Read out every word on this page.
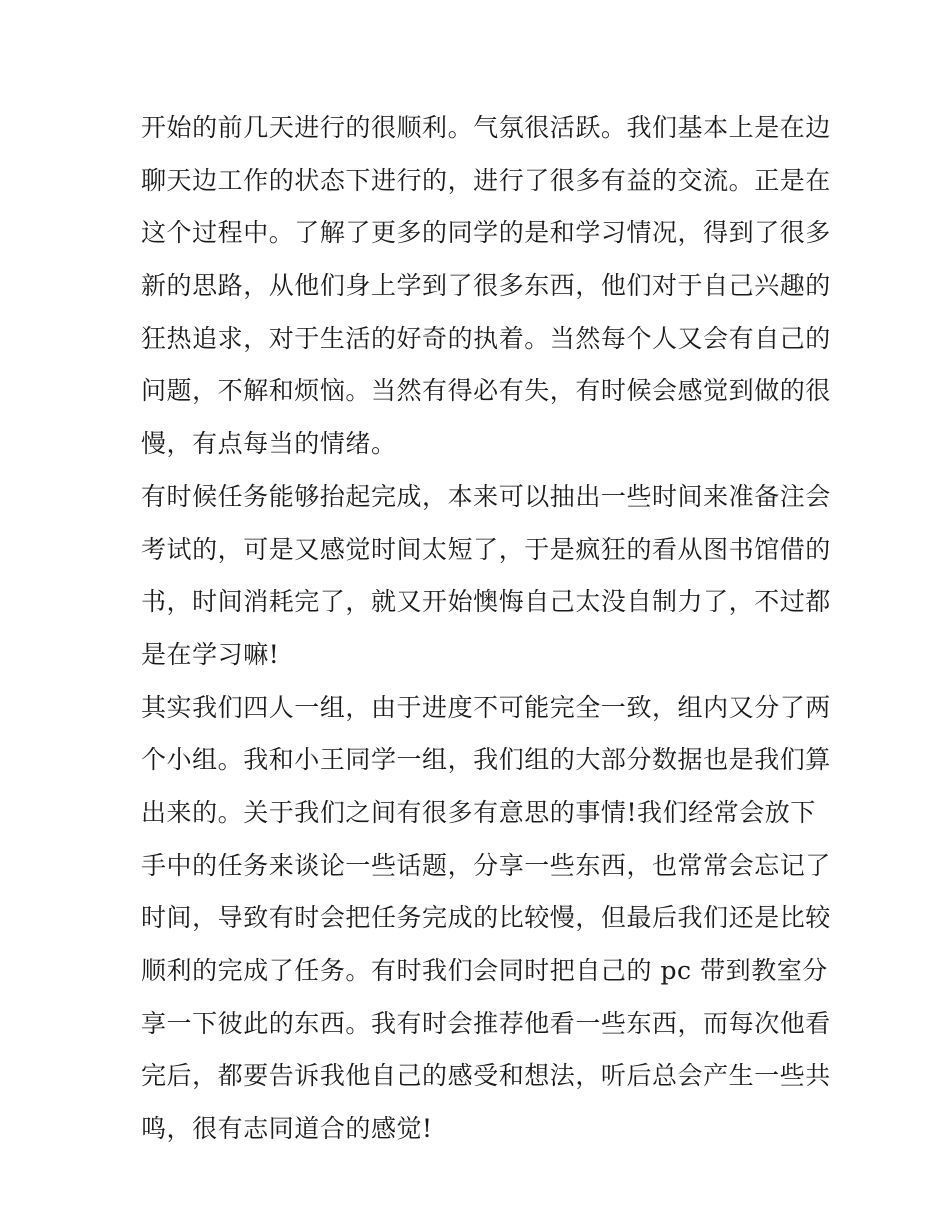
开始的前几天进行的很顺利。气氛很活跃。我们基本上是在边
聊天边工作的状态下进行的，进行了很多有益的交流。正是在
这个过程中。了解了更多的同学的是和学习情况，得到了很多
新的思路，从他们身上学到了很多东西，他们对于自己兴趣的
狂热追求，对于生活的好奇的执着。当然每个人又会有自己的
问题，不解和烦恼。当然有得必有失，有时候会感觉到做的很
慢，有点每当的情绪。
有时候任务能够抬起完成，本来可以抽出一些时间来准备注会
考试的，可是又感觉时间太短了，于是疯狂的看从图书馆借的
书，时间消耗完了，就又开始懊悔自己太没自制力了，不过都
是在学习嘛!
其实我们四人一组，由于进度不可能完全一致，组内又分了两
个小组。我和小王同学一组，我们组的大部分数据也是我们算
出来的。关于我们之间有很多有意思的事情!我们经常会放下
手中的任务来谈论一些话题，分享一些东西，也常常会忘记了
时间，导致有时会把任务完成的比较慢，但最后我们还是比较
顺利的完成了任务。有时我们会同时把自己的 pc 带到教室分
享一下彼此的东西。我有时会推荐他看一些东西，而每次他看
完后，都要告诉我他自己的感受和想法，听后总会产生一些共
鸣，很有志同道合的感觉!
